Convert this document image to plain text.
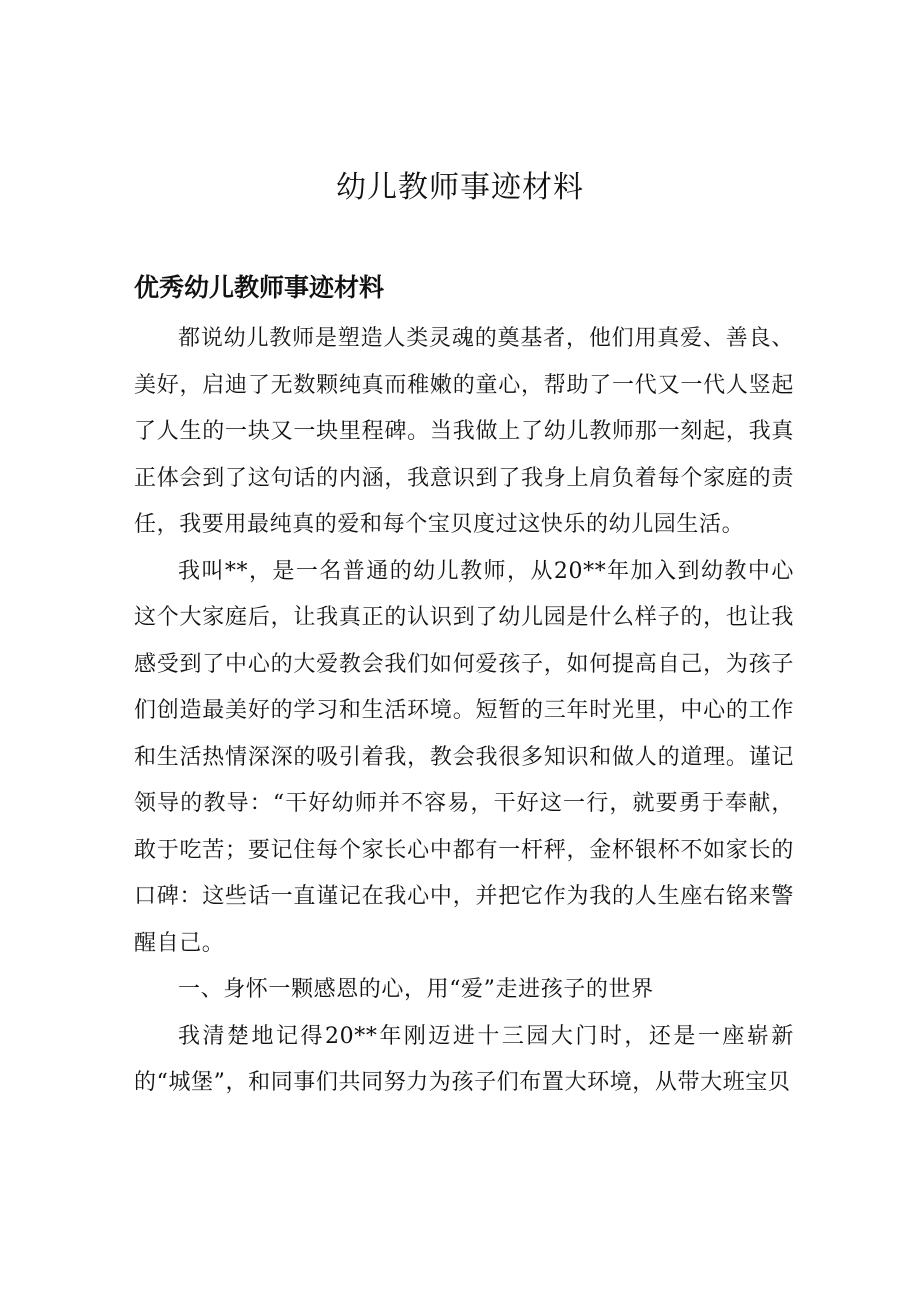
幼儿教师事迹材料
优秀幼儿教师事迹材料

都说幼儿教师是塑造人类灵魂的奠基者，他们用真爱、善良、美好，启迪了无数颗纯真而稚嫩的童心，帮助了一代又一代人竖起了人生的一块又一块里程碑。当我做上了幼儿教师那一刻起，我真正体会到了这句话的内涵，我意识到了我身上肩负着每个家庭的责任，我要用最纯真的爱和每个宝贝度过这快乐的幼儿园生活。

我叫**，是一名普通的幼儿教师，从20**年加入到幼教中心这个大家庭后，让我真正的认识到了幼儿园是什么样子的，也让我感受到了中心的大爱教会我们如何爱孩子，如何提高自己，为孩子们创造最美好的学习和生活环境。短暂的三年时光里，中心的工作和生活热情深深的吸引着我，教会我很多知识和做人的道理。谨记领导的教导：“干好幼师并不容易，干好这一行，就要勇于奉献，敢于吃苦；要记住每个家长心中都有一杆秤，金杯银杯不如家长的口碑：这些话一直谨记在我心中，并把它作为我的人生座右铭来警醒自己。

一、身怀一颗感恩的心，用“爱”走进孩子的世界

我清楚地记得20**年刚迈进十三园大门时，还是一座崭新的“城堡”，和同事们共同努力为孩子们布置大环境，从带大班宝贝
